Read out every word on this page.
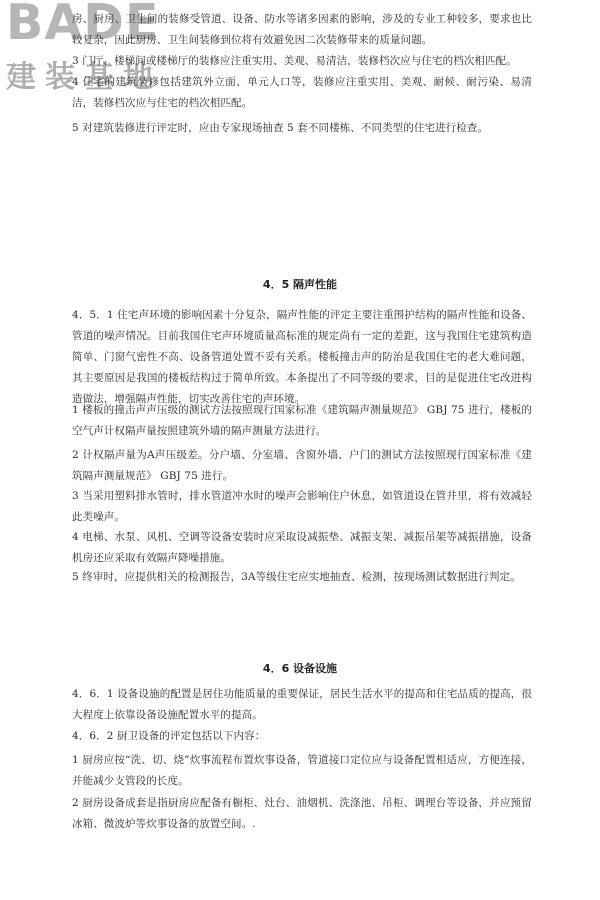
BADE
建装基地

房、厨房、卫生间的装修受管道、设备、防水等诸多因素的影响，涉及的专业工种较多，要求也比较复杂，因此厨房、卫生间装修到位将有效避免因二次装修带来的质量问题。

3 门厅、楼梯间或楼梯厅的装修应注重实用、美观、易清洁，装修档次应与住宅的档次相匹配。

4 住宅的建筑装修包括建筑外立面、单元人口等，装修应注重实用、美观、耐候、耐污染、易清洁，装修档次应与住宅的档次相匹配。

5 对建筑装修进行评定时，应由专家现场抽查 5 套不同楼栋、不同类型的住宅进行检查。

4．5 隔声性能

4．5．1 住宅声环境的影响因素十分复杂，隔声性能的评定主要注重围护结构的隔声性能和设备、管道的噪声情况。目前我国住宅声环境质量高标准的规定尚有一定的差距，这与我国住宅建筑构造简单、门窗气密性不高、设备管道处置不妥有关系。楼板撞击声的防治是我国住宅的老大难问题，其主要原因是我国的楼板结构过于简单所致。本条提出了不同等级的要求，目的是促进住宅改进构造做法，增强隔声性能，切实改善住宅的声环境。

1 楼板的撞击声声压级的测试方法按照现行国家标准《建筑隔声测量规范》 GBJ 75 进行，楼板的空气声计权隔声量按照建筑外墙的隔声测量方法进行。

2 计权隔声量为A声压级差。分户墙、分室墙、含窗外墙、户门的测试方法按照现行国家标准《建筑隔声测量规范》 GBJ 75 进行。

3 当采用塑料排水管时，排水管道冲水时的噪声会影响住户休息，如管道设在管井里，将有效减轻此类噪声。

4 电梯、水泵、风机、空调等设备安装时应采取设减振垫、减振支架、减振吊架等减振措施，设备机房还应采取有效隔声降噪措施。

5 终审时，应提供相关的检测报告，3A等级住宅应实地抽查、检测，按现场测试数据进行判定。

4．6 设备设施

4．6．1 设备设施的配置是居住功能质量的重要保证，居民生活水平的提高和住宅品质的提高，很大程度上依靠设备设施配置水平的提高。

4．6．2 厨卫设备的评定包括以下内容：

1 厨房应按“洗、切、烧”炊事流程布置炊事设备，管道接口定位应与设备配置相适应，方便连接，并能减少支管段的长度。

2 厨房设备成套是指厨房应配备有橱柜、灶台、油烟机、洗涤池、吊柜、调理台等设备，并应预留冰箱、微波炉等炊事设备的放置空间。.
